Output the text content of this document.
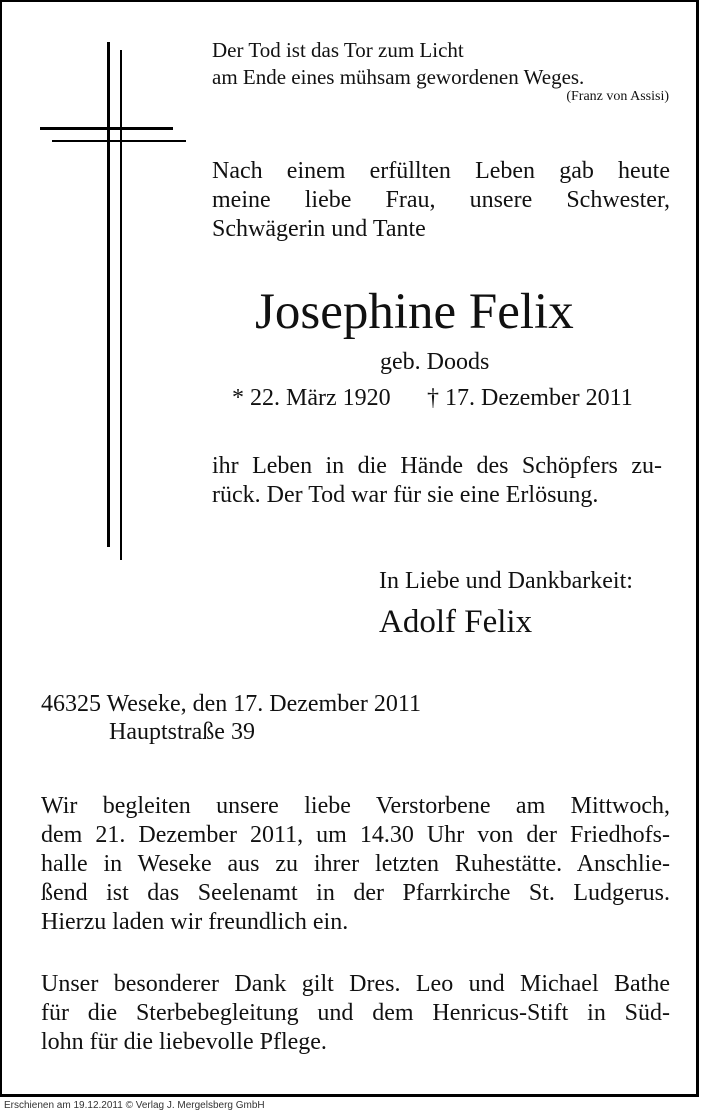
Der Tod ist das Tor zum Licht

am Ende eines mühsam gewordenen Weges.

(Franz von Assisi)

Nach einem erfüllten Leben gab heute
meine liebe Frau, unsere Schwester,
Schwägerin und Tante

Josephine Felix

geb. Doods

* 22. März 1920 † 17. Dezember 2011

ihr Leben in die Hände des Schöpfers zu-
rück. Der Tod war für sie eine Erlösung.

In Liebe und Dankbarkeit:

Adolf Felix

46325 Weseke, den 17. Dezember 2011

Hauptstraße 39

Wir begleiten unsere liebe Verstorbene am Mittwoch,
dem 21. Dezember 2011, um 14.30 Uhr von der Friedhofs-
halle in Weseke aus zu ihrer letzten Ruhestätte. Anschlie-
ßend ist das Seelenamt in der Pfarrkirche St. Ludgerus.
Hierzu laden wir freundlich ein.
Unser besonderer Dank gilt Dres. Leo und Michael Bathe
für die Sterbebegleitung und dem Henricus-Stift in Süd-
lohn für die liebevolle Pflege.

Erschienen am 19.12.2011 © Verlag J. Mergelsberg GmbH
